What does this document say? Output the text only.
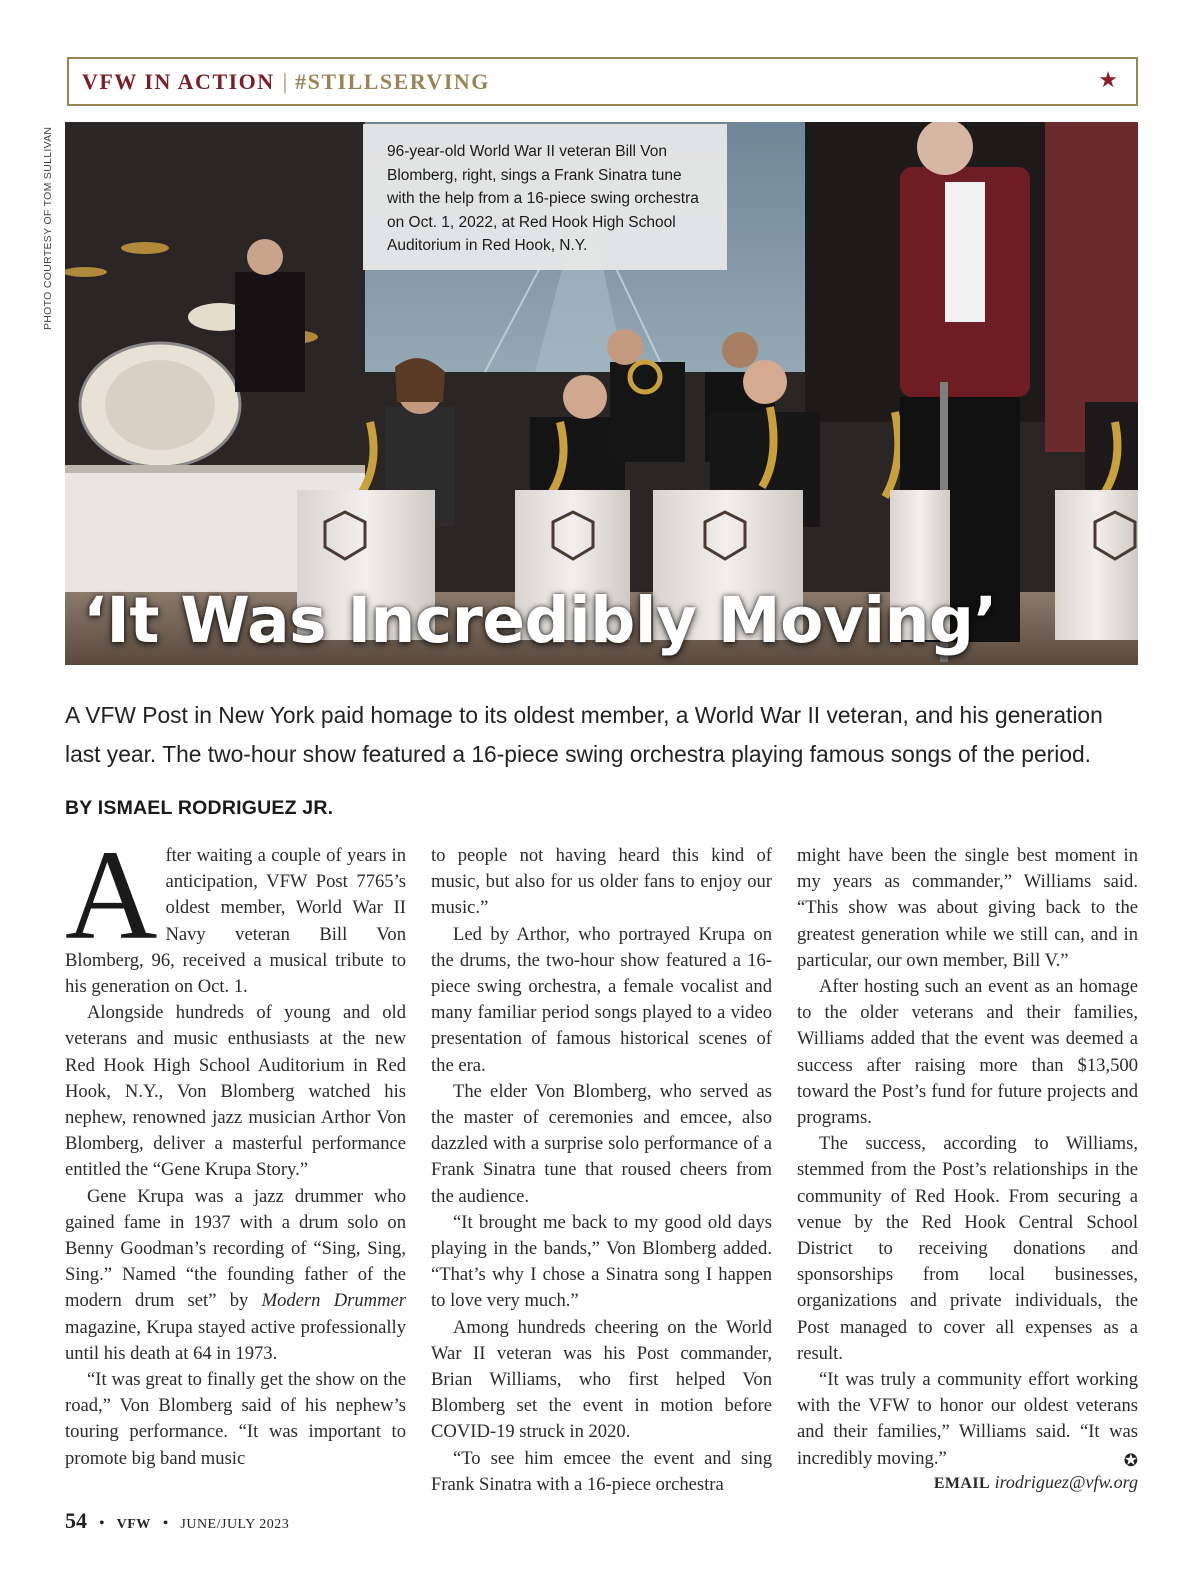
VFW IN ACTION | #STILLSERVING	★
PHOTO COURTESY OF TOM SULLIVAN	96-year-old World War II veteran Bill Von Blomberg, right, sings a Frank Sinatra tune with the help from a 16-piece swing orchestra on Oct. 1, 2022, at Red Hook High School Auditorium in Red Hook, N.Y.
‘It Was Incredibly Moving’
A VFW Post in New York paid homage to its oldest member, a World War II veteran, and his generation last year. The two-hour show featured a 16-piece swing orchestra playing famous songs of the period.
BY ISMAEL RODRIGUEZ JR.

After waiting a couple of years in anticipation, VFW Post 7765’s oldest member, World War II Navy veteran Bill Von Blomberg, 96, received a musical tribute to his generation on Oct. 1.

Alongside hundreds of young and old veterans and music enthusiasts at the new Red Hook High School Auditorium in Red Hook, N.Y., Von Blomberg watched his nephew, renowned jazz musician Arthor Von Blomberg, deliver a masterful performance entitled the “Gene Krupa Story.”

Gene Krupa was a jazz drummer who gained fame in 1937 with a drum solo on Benny Goodman’s recording of “Sing, Sing, Sing.” Named “the founding father of the modern drum set” by Modern Drummer magazine, Krupa stayed active professionally until his death at 64 in 1973.

“It was great to finally get the show on the road,” Von Blomberg said of his nephew’s touring performance. “It was important to promote big band music

to people not having heard this kind of music, but also for us older fans to enjoy our music.”

Led by Arthor, who portrayed Krupa on the drums, the two-hour show featured a 16-piece swing orchestra, a female vocalist and many familiar period songs played to a video presentation of famous historical scenes of the era.

The elder Von Blomberg, who served as the master of ceremonies and emcee, also dazzled with a surprise solo performance of a Frank Sinatra tune that roused cheers from the audience.

“It brought me back to my good old days playing in the bands,” Von Blomberg added. “That’s why I chose a Sinatra song I happen to love very much.”

Among hundreds cheering on the World War II veteran was his Post commander, Brian Williams, who first helped Von Blomberg set the event in motion before COVID-19 struck in 2020.

“To see him emcee the event and sing Frank Sinatra with a 16-piece orchestra

might have been the single best moment in my years as commander,” Williams said. “This show was about giving back to the greatest generation while we still can, and in particular, our own member, Bill V.”

After hosting such an event as an homage to the older veterans and their families, Williams added that the event was deemed a success after raising more than $13,500 toward the Post’s fund for future projects and programs.

The success, according to Williams, stemmed from the Post’s relationships in the community of Red Hook. From securing a venue by the Red Hook Central School District to receiving donations and sponsorships from local businesses, organizations and private individuals, the Post managed to cover all expenses as a result.

“It was truly a community effort working with the VFW to honor our oldest veterans and their families,” Williams said. “It was incredibly moving.”	✪

EMAIL irodriguez@vfw.org
54 • VFW • JUNE/JULY 2023
